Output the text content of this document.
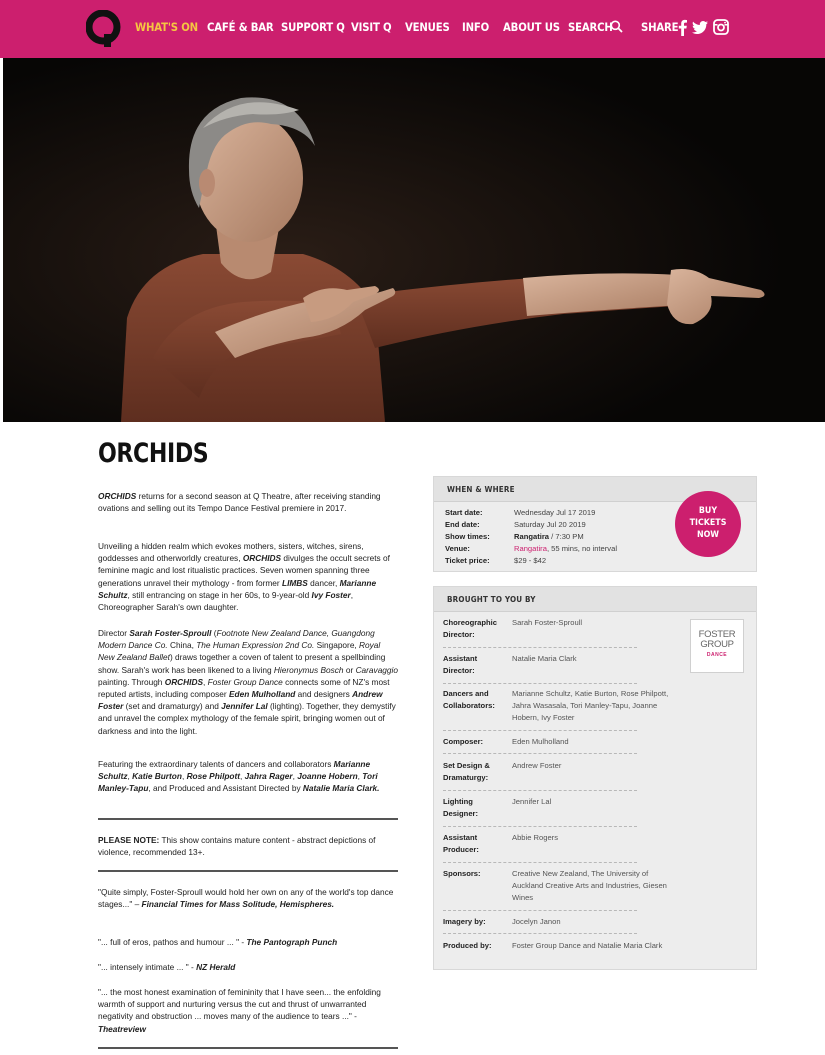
WHAT'S ON CAFÉ & BAR SUPPORT Q VISIT Q VENUES INFO ABOUT US SEARCH SHARE
ORCHIDS
ORCHIDS returns for a second season at Q Theatre, after receiving standing ovations and selling out its Tempo Dance Festival premiere in 2017.
Unveiling a hidden realm which evokes mothers, sisters, witches, sirens, goddesses and otherworldly creatures, ORCHIDS divulges the occult secrets of feminine magic and lost ritualistic practices. Seven women spanning three generations unravel their mythology - from former LIMBS dancer, Marianne Schultz, still entrancing on stage in her 60s, to 9-year-old Ivy Foster, Choreographer Sarah's own daughter.
Director Sarah Foster-Sproull (Footnote New Zealand Dance, Guangdong Modern Dance Co. China, The Human Expression 2nd Co. Singapore, Royal New Zealand Ballet) draws together a coven of talent to present a spellbinding show. Sarah's work has been likened to a living Hieronymus Bosch or Caravaggio painting. Through ORCHIDS, Foster Group Dance connects some of NZ's most reputed artists, including composer Eden Mulholland and designers Andrew Foster (set and dramaturgy) and Jennifer Lal (lighting). Together, they demystify and unravel the complex mythology of the female spirit, bringing women out of darkness and into the light.
Featuring the extraordinary talents of dancers and collaborators Marianne Schultz, Katie Burton, Rose Philpott, Jahra Rager, Joanne Hobern, Tori Manley-Tapu, and Produced and Assistant Directed by Natalie Maria Clark.
PLEASE NOTE: This show contains mature content - abstract depictions of violence, recommended 13+.
"Quite simply, Foster-Sproull would hold her own on any of the world's top dance stages..." – Financial Times for Mass Solitude, Hemispheres.
"... full of eros, pathos and humour ... " - The Pantograph Punch
"... intensely intimate ... " - NZ Herald
"... the most honest examination of femininity that I have seen... the enfolding warmth of support and nurturing versus the cut and thrust of unwarranted negativity and obstruction ... moves many of the audience to tears ..." - Theatreview
WHEN & WHERE
Start date:	Wednesday Jul 17 2019
End date:	Saturday Jul 20 2019
Show times:	Rangatira / 7:30 PM
Venue:	Rangatira, 55 mins, no interval
Ticket price:	$29 - $42
BUY
TICKETS
NOW
BROUGHT TO YOU BY
FOSTER
GROUP
DANCE
Choreographic Director:
Sarah Foster-Sproull
Assistant Director:
Natalie Maria Clark
Dancers and Collaborators:
Marianne Schultz, Katie Burton, Rose Philpott, Jahra Wasasala, Tori Manley-Tapu, Joanne Hobern, Ivy Foster
Composer:	Eden Mulholland
Set Design & Dramaturgy:
Andrew Foster
Lighting Designer:
Jennifer Lal
Assistant Producer:
Abbie Rogers
Sponsors:	Creative New Zealand, The University of Auckland Creative Arts and Industries, Giesen Wines
Imagery by:	Jocelyn Janon
Produced by:	Foster Group Dance and Natalie Maria Clark
